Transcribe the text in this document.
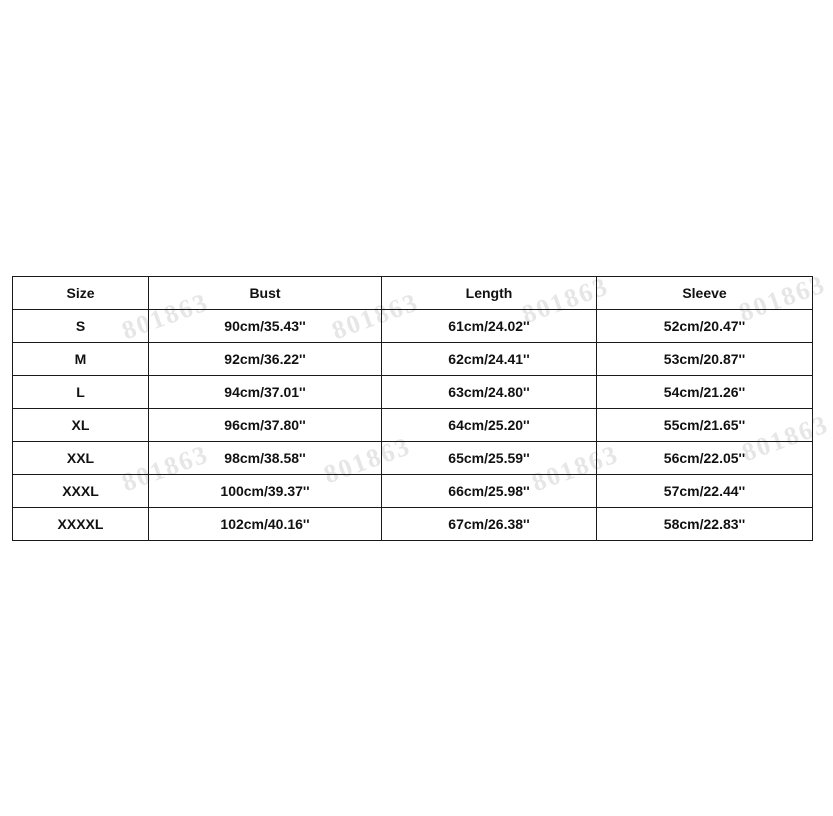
801863	801863	801863	801863
801863	801863	801863
801863
Size	Bust	Length	Sleeve
S	90cm/35.43''	61cm/24.02''	52cm/20.47''
M	92cm/36.22''	62cm/24.41''	53cm/20.87''
L	94cm/37.01''	63cm/24.80''	54cm/21.26''
XL	96cm/37.80''	64cm/25.20''	55cm/21.65''
XXL	98cm/38.58''	65cm/25.59''	56cm/22.05''
XXXL	100cm/39.37''	66cm/25.98''	57cm/22.44''
XXXXL	102cm/40.16''	67cm/26.38''	58cm/22.83''
